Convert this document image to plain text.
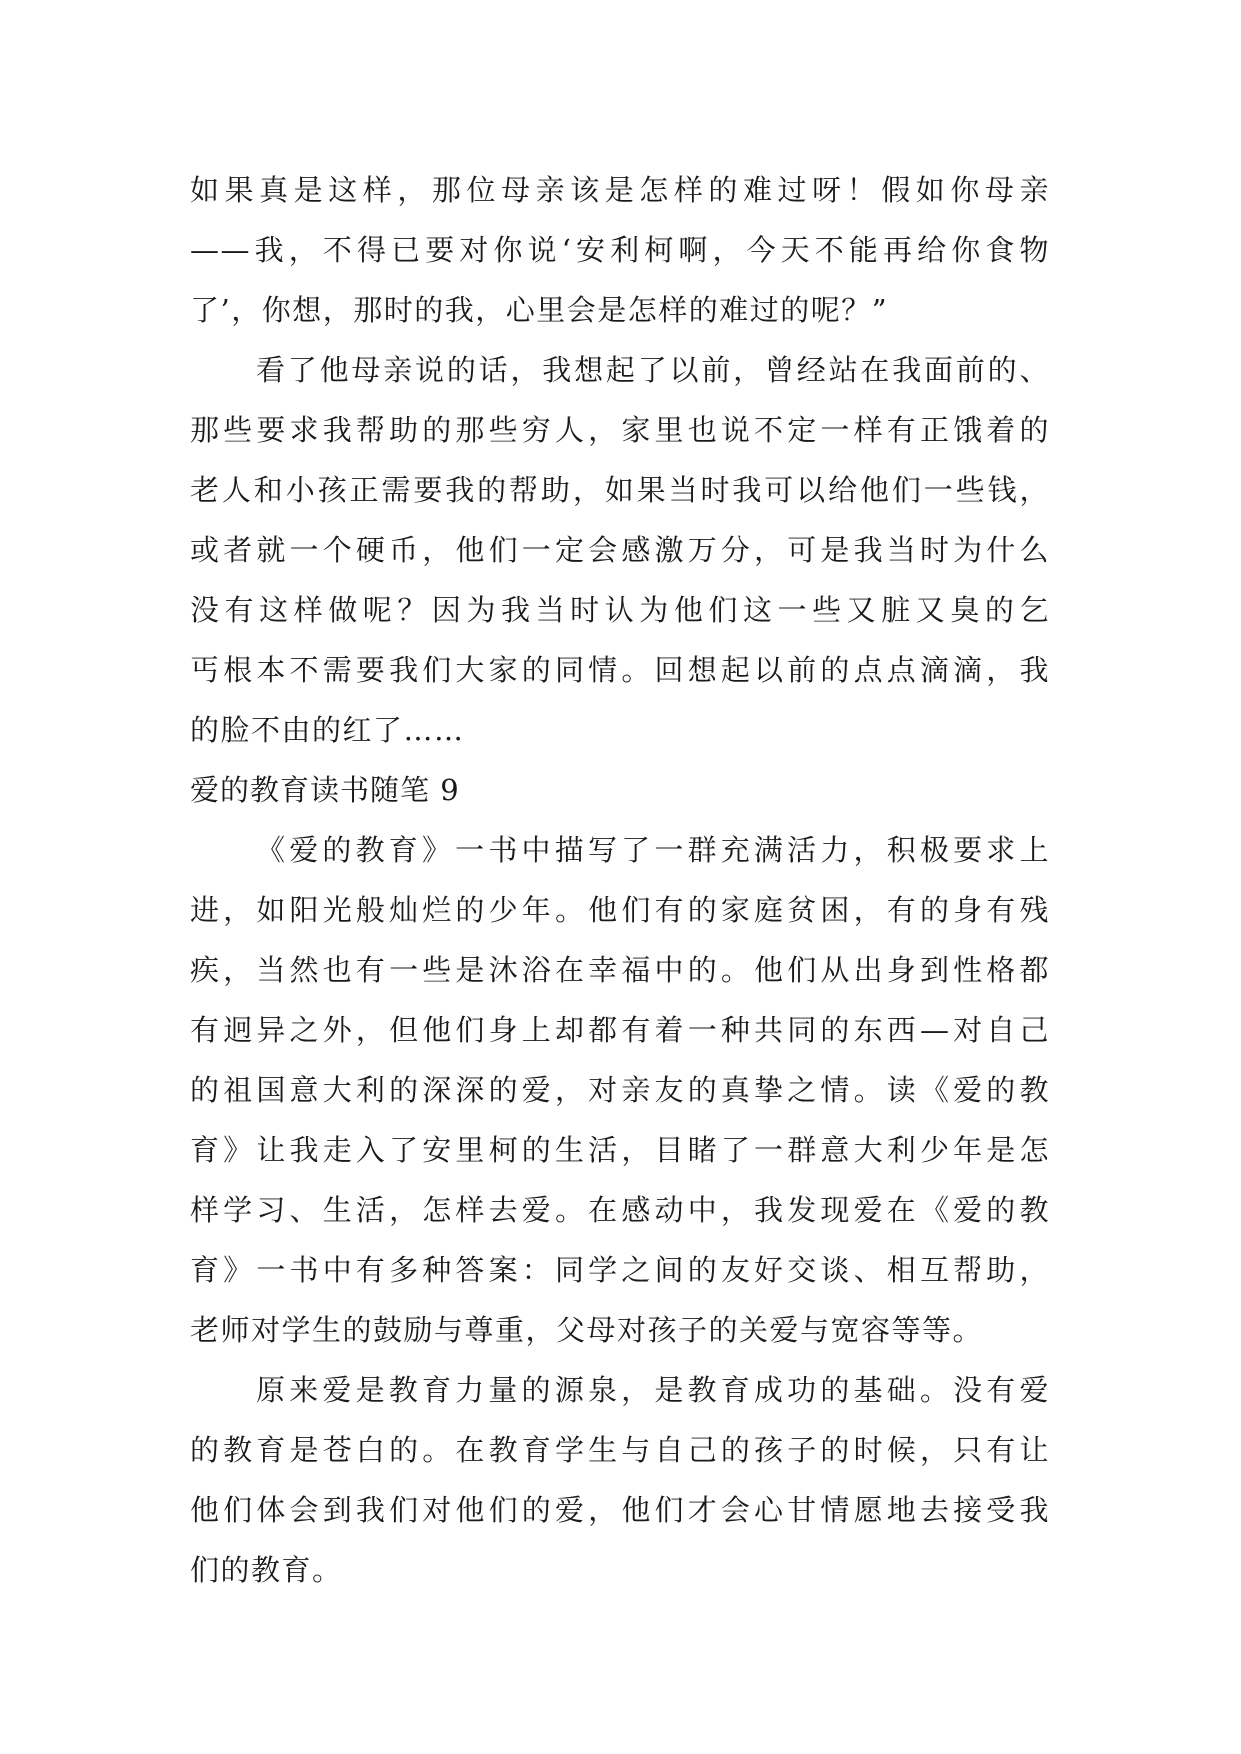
如果真是这样，那位母亲该是怎样的难过呀！假如你母亲
——我，不得已要对你说‘安利柯啊，今天不能再给你食物
了’，你想，那时的我，心里会是怎样的难过的呢？”
看了他母亲说的话，我想起了以前，曾经站在我面前的、
那些要求我帮助的那些穷人，家里也说不定一样有正饿着的
老人和小孩正需要我的帮助，如果当时我可以给他们一些钱，
或者就一个硬币，他们一定会感激万分，可是我当时为什么
没有这样做呢？因为我当时认为他们这一些又脏又臭的乞
丐根本不需要我们大家的同情。回想起以前的点点滴滴，我
的脸不由的红了……
爱的教育读书随笔 9
《爱的教育》一书中描写了一群充满活力，积极要求上
进，如阳光般灿烂的少年。他们有的家庭贫困，有的身有残
疾，当然也有一些是沐浴在幸福中的。他们从出身到性格都
有迥异之外，但他们身上却都有着一种共同的东西—对自己
的祖国意大利的深深的爱，对亲友的真挚之情。读《爱的教
育》让我走入了安里柯的生活，目睹了一群意大利少年是怎
样学习、生活，怎样去爱。在感动中，我发现爱在《爱的教
育》一书中有多种答案：同学之间的友好交谈、相互帮助，
老师对学生的鼓励与尊重，父母对孩子的关爱与宽容等等。
原来爱是教育力量的源泉，是教育成功的基础。没有爱
的教育是苍白的。在教育学生与自己的孩子的时候，只有让
他们体会到我们对他们的爱，他们才会心甘情愿地去接受我
们的教育。
